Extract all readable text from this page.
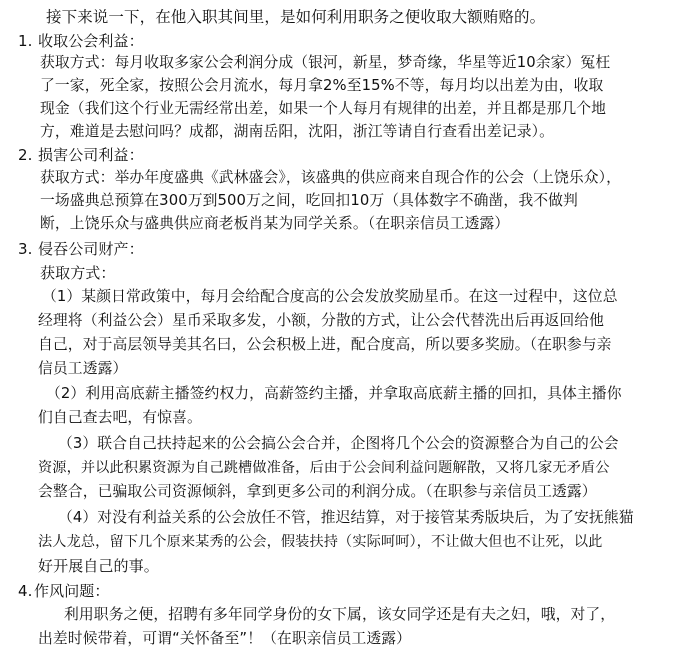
接下来说一下，在他入职其间里，是如何利用职务之便收取大额贿赂的。
1. 收取公会利益：
获取方式：每月收取多家公会利润分成（银河，新星，梦奇缘，华星等近10余家）冤枉
了一家，死全家，按照公会月流水，每月拿2%至15%不等，每月均以出差为由，收取
现金（我们这个行业无需经常出差，如果一个人每月有规律的出差，并且都是那几个地
方，难道是去慰问吗？成都，湖南岳阳，沈阳，浙江等请自行查看出差记录）。
2. 损害公司利益：
获取方式：举办年度盛典《武林盛会》，该盛典的供应商来自现合作的公会（上饶乐众），
一场盛典总预算在300万到500万之间，吃回扣10万（具体数字不确凿，我不做判
断，上饶乐众与盛典供应商老板肖某为同学关系。（在职亲信员工透露）
3. 侵吞公司财产：
获取方式：
（1）某颜日常政策中，每月会给配合度高的公会发放奖励星币。在这一过程中，这位总
经理将（利益公会）星币采取多发，小额，分散的方式，让公会代替洗出后再返回给他
自己，对于高层领导美其名曰，公会积极上进，配合度高，所以要多奖励。（在职参与亲
信员工透露）
（2）利用高底薪主播签约权力，高薪签约主播，并拿取高底薪主播的回扣，具体主播你
们自己查去吧，有惊喜。
（3）联合自己扶持起来的公会搞公会合并，企图将几个公会的资源整合为自己的公会
资源，并以此积累资源为自己跳槽做准备，后由于公会间利益问题解散，又将几家无矛盾公
会整合，已骗取公司资源倾斜，拿到更多公司的利润分成。（在职参与亲信员工透露）
（4）对没有利益关系的公会放任不管，推迟结算，对于接管某秀版块后，为了安抚熊猫
法人龙总，留下几个原来某秀的公会，假装扶持（实际呵呵），不让做大但也不让死，以此
好开展自己的事。
4.作风问题：
利用职务之便，招聘有多年同学身份的女下属，该女同学还是有夫之妇，哦，对了，
出差时候带着，可谓“关怀备至”！（在职亲信员工透露）
